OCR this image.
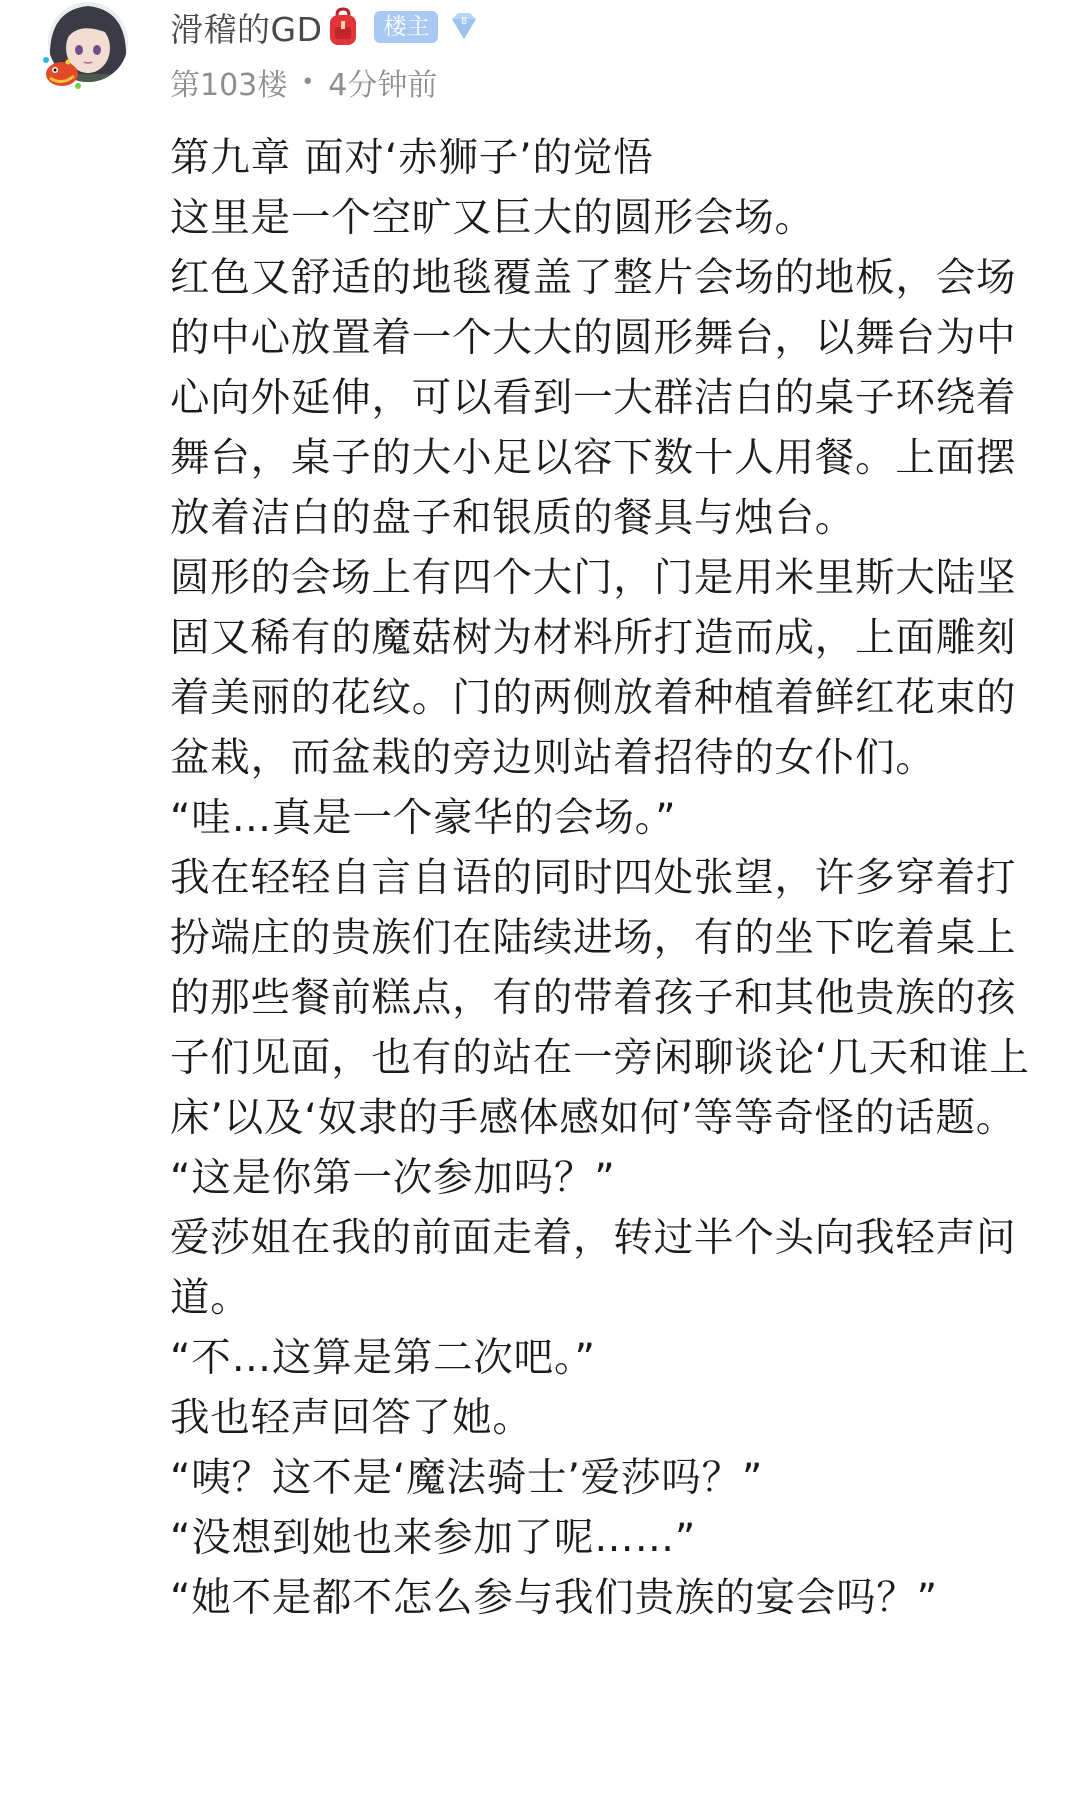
滑稽的GD	楼主	8
第103楼 • 4分钟前

第九章 面对‘赤狮子’的觉悟

这里是一个空旷又巨大的圆形会场。

红色又舒适的地毯覆盖了整片会场的地板，会场的中心放置着一个大大的圆形舞台，以舞台为中心向外延伸，可以看到一大群洁白的桌子环绕着舞台，桌子的大小足以容下数十人用餐。上面摆放着洁白的盘子和银质的餐具与烛台。

圆形的会场上有四个大门，门是用米里斯大陆坚固又稀有的魔菇树为材料所打造而成，上面雕刻着美丽的花纹。门的两侧放着种植着鲜红花束的盆栽，而盆栽的旁边则站着招待的女仆们。

“哇…真是一个豪华的会场。”

我在轻轻自言自语的同时四处张望，许多穿着打扮端庄的贵族们在陆续进场，有的坐下吃着桌上的那些餐前糕点，有的带着孩子和其他贵族的孩子们见面，也有的站在一旁闲聊谈论‘几天和谁上床’以及‘奴隶的手感体感如何’等等奇怪的话题。

“这是你第一次参加吗？”

爱莎姐在我的前面走着，转过半个头向我轻声问道。

“不…这算是第二次吧。”

我也轻声回答了她。

“咦？这不是‘魔法骑士’爱莎吗？”

“没想到她也来参加了呢……”

“她不是都不怎么参与我们贵族的宴会吗？”
